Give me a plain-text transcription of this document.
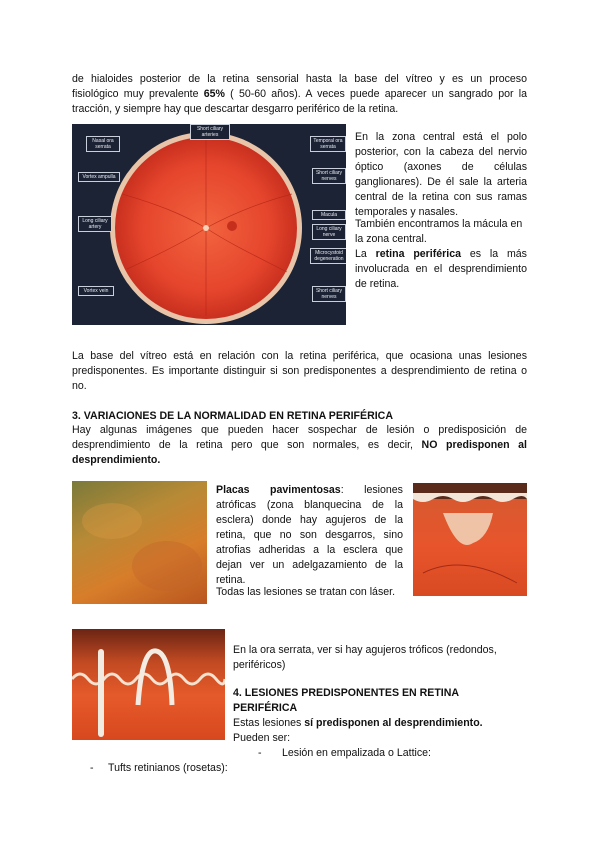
de hialoides posterior de la retina sensorial hasta la base del vítreo y es un proceso
fisiológico muy prevalente 65% ( 50-60 años). A veces puede aparecer un sangrado por la
tracción, y siempre hay que descartar desgarro periférico de la retina.
Nasal ora serrata
Short ciliary arteries
Temporal ora serrata
Vortex ampulla
Short ciliary nerves
Long ciliary artery
Macula
Long ciliary nerve
Microcystoid degeneration
Vortex vein	Short ciliary nerves
En la zona central está el polo posterior, con la cabeza del nervio óptico (axones de células ganglionares). De él sale la arteria central de la retina con sus ramas temporales y nasales.
También encontramos la mácula en la zona central.
La retina periférica es la más involucrada en el desprendimiento de retina.
La base del vítreo está en relación con la retina periférica, que ocasiona unas lesiones predisponentes. Es importante distinguir si son predisponentes a desprendimiento de retina o no.
3. VARIACIONES DE LA NORMALIDAD EN RETINA PERIFÉRICA
Hay algunas imágenes que pueden hacer sospechar de lesión o predisposición de desprendimiento de la retina pero que son normales, es decir, NO predisponen al desprendimiento.
Placas pavimentosas: lesiones atróficas (zona blanquecina de la esclera) donde hay agujeros de la retina, que no son desgarros, sino atrofias adheridas a la esclera que dejan ver un adelgazamiento de la retina.
Todas las lesiones se tratan con láser.
En la ora serrata, ver si hay agujeros tróficos (redondos, periféricos)
4. LESIONES PREDISPONENTES EN RETINA PERIFÉRICA
Estas lesiones sí predisponen al desprendimiento.
Pueden ser:
- Lesión en empalizada o Lattice:
- Tufts retinianos (rosetas):
